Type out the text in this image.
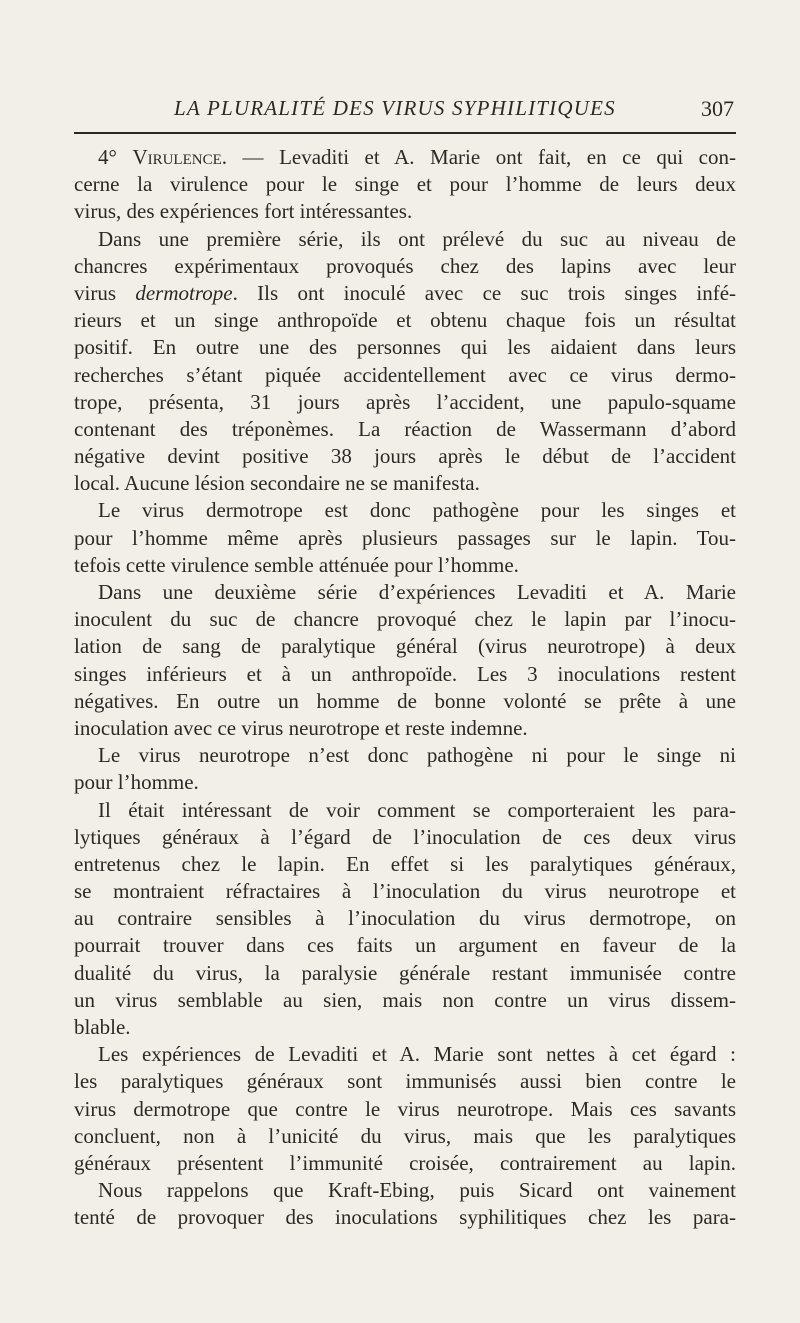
LA PLURALITÉ DES VIRUS SYPHILITIQUES	307
4° Virulence. — Levaditi et A. Marie ont fait, en ce qui con-
cerne la virulence pour le singe et pour l’homme de leurs deux
virus, des expériences fort intéressantes.
Dans une première série, ils ont prélevé du suc au niveau de
chancres expérimentaux provoqués chez des lapins avec leur
virus dermotrope. Ils ont inoculé avec ce suc trois singes infé-
rieurs et un singe anthropoïde et obtenu chaque fois un résultat
positif. En outre une des personnes qui les aidaient dans leurs
recherches s’étant piquée accidentellement avec ce virus dermo-
trope, présenta, 31 jours après l’accident, une papulo-squame
contenant des tréponèmes. La réaction de Wassermann d’abord
négative devint positive 38 jours après le début de l’accident
local. Aucune lésion secondaire ne se manifesta.
Le virus dermotrope est donc pathogène pour les singes et
pour l’homme même après plusieurs passages sur le lapin. Tou-
tefois cette virulence semble atténuée pour l’homme.
Dans une deuxième série d’expériences Levaditi et A. Marie
inoculent du suc de chancre provoqué chez le lapin par l’inocu-
lation de sang de paralytique général (virus neurotrope) à deux
singes inférieurs et à un anthropoïde. Les 3 inoculations restent
négatives. En outre un homme de bonne volonté se prête à une
inoculation avec ce virus neurotrope et reste indemne.
Le virus neurotrope n’est donc pathogène ni pour le singe ni
pour l’homme.
Il était intéressant de voir comment se comporteraient les para-
lytiques généraux à l’égard de l’inoculation de ces deux virus
entretenus chez le lapin. En effet si les paralytiques généraux,
se montraient réfractaires à l’inoculation du virus neurotrope et
au contraire sensibles à l’inoculation du virus dermotrope, on
pourrait trouver dans ces faits un argument en faveur de la
dualité du virus, la paralysie générale restant immunisée contre
un virus semblable au sien, mais non contre un virus dissem-
blable.
Les expériences de Levaditi et A. Marie sont nettes à cet égard :
les paralytiques généraux sont immunisés aussi bien contre le
virus dermotrope que contre le virus neurotrope. Mais ces savants
concluent, non à l’unicité du virus, mais que les paralytiques
généraux présentent l’immunité croisée, contrairement au lapin.
Nous rappelons que Kraft-Ebing, puis Sicard ont vainement
tenté de provoquer des inoculations syphilitiques chez les para-
